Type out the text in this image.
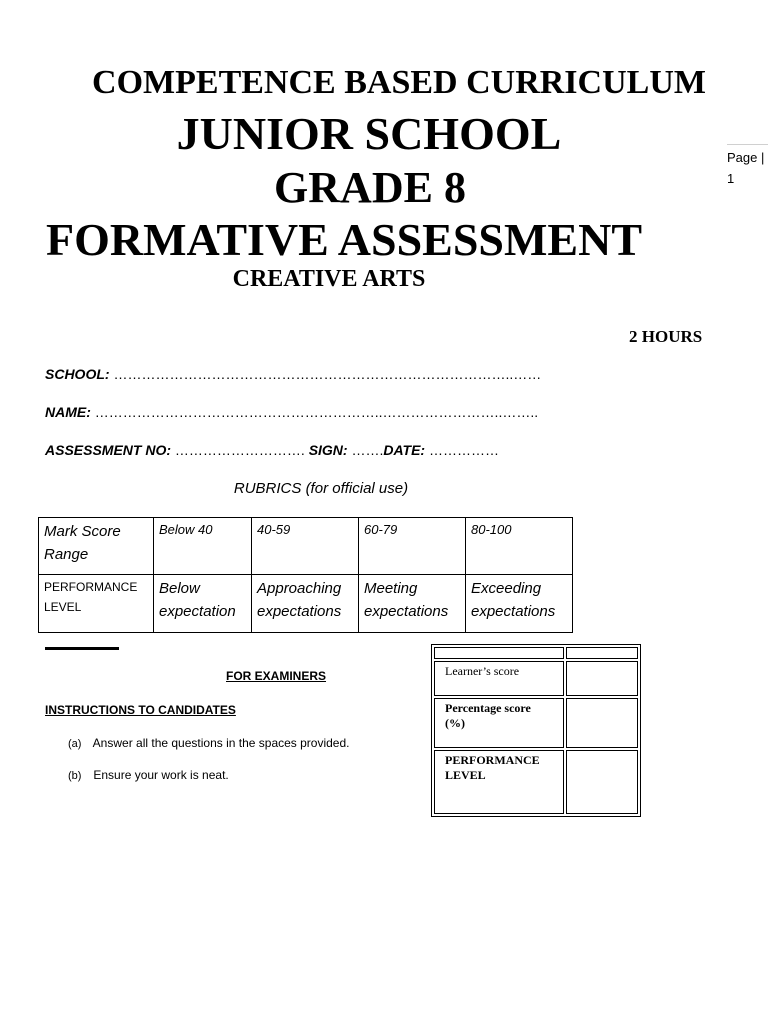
COMPETENCE BASED CURRICULUM
JUNIOR SCHOOL
GRADE 8
FORMATIVE ASSESSMENT
CREATIVE ARTS
Page |
1
2 HOURS
SCHOOL: …………………………………………………………………………..……
NAME: ……………………………………………………..……………………..……..
ASSESSMENT NO: ………………………. SIGN: …….DATE: ……………
RUBRICS (for official use)
Mark Score Range	Below 40	40-59	60-79	80-100
PERFORMANCE LEVEL	Below expectation	Approaching expectations	Meeting expectations	Exceeding expectations
FOR EXAMINERS
INSTRUCTIONS TO CANDIDATES
(a) Answer all the questions in the spaces provided.
(b) Ensure your work is neat.

Learner’s score	
Percentage score (%)	
PERFORMANCE LEVEL	
